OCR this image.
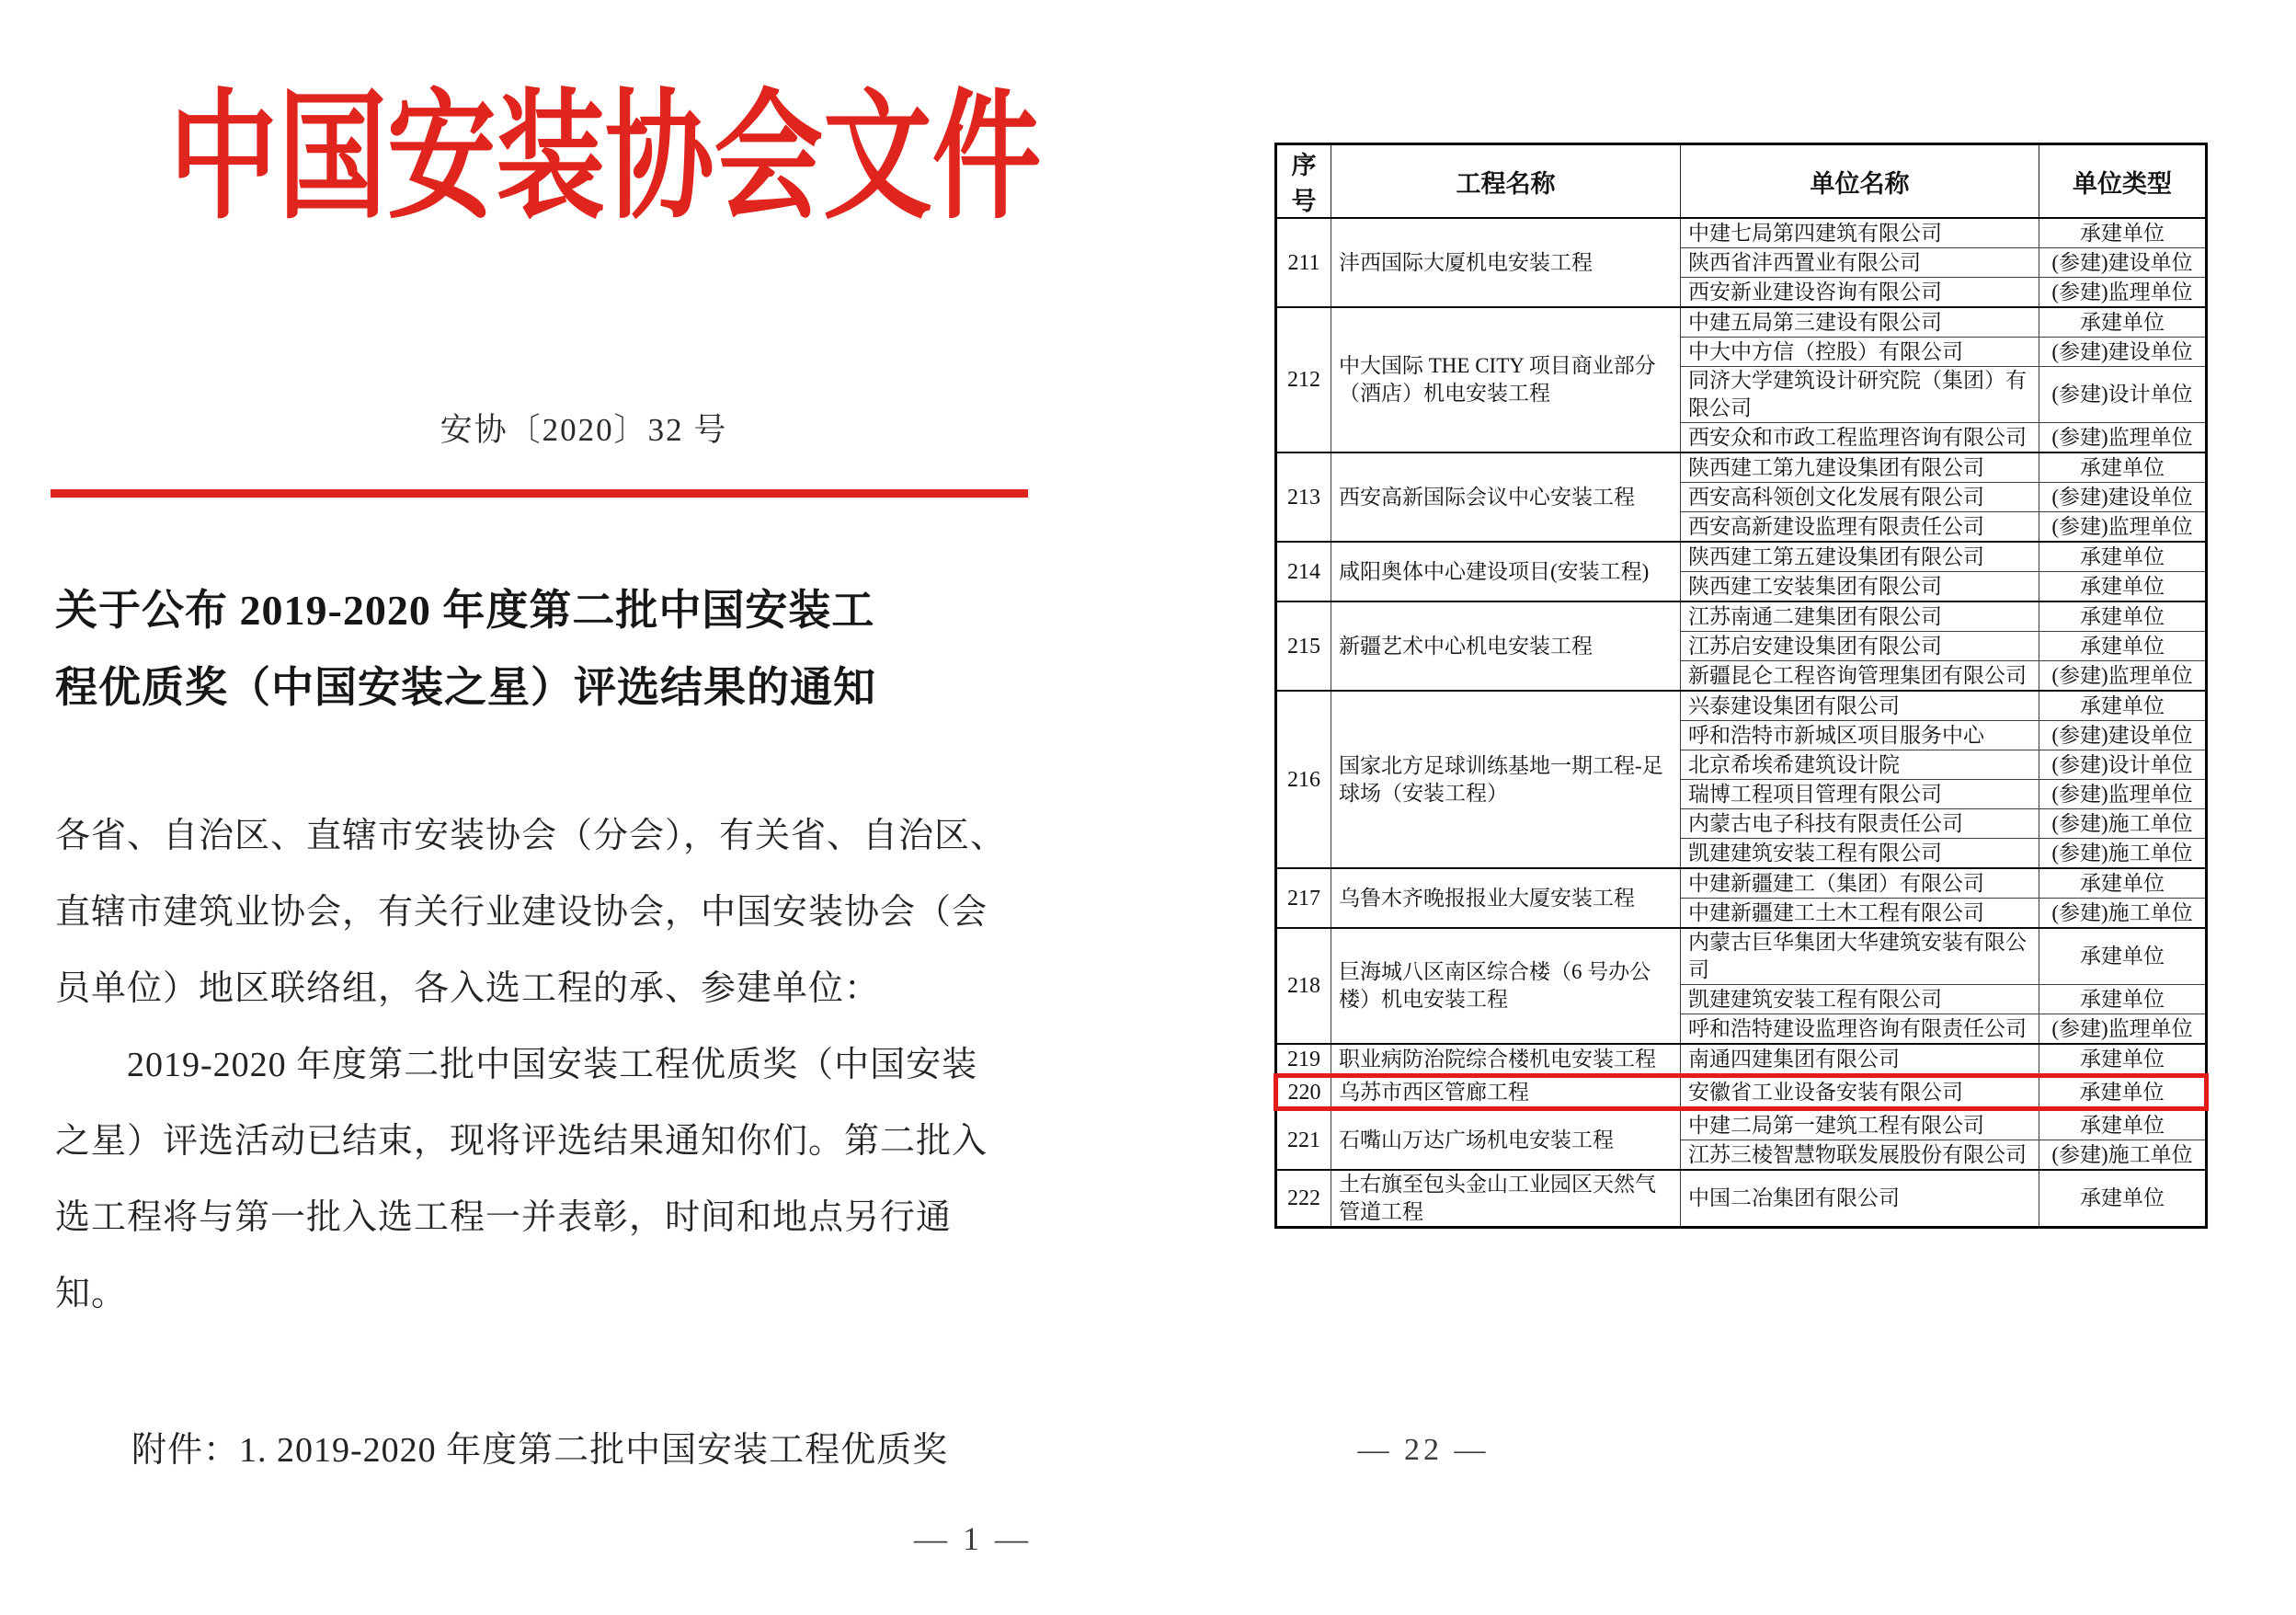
中国安装协会文件
安协〔2020〕32 号
关于公布 2019-2020 年度第二批中国安装工
程优质奖（中国安装之星）评选结果的通知
各省、自治区、直辖市安装协会（分会），有关省、自治区、
直辖市建筑业协会，有关行业建设协会，中国安装协会（会
员单位）地区联络组，各入选工程的承、参建单位：
2019-2020 年度第二批中国安装工程优质奖（中国安装
之星）评选活动已结束，现将评选结果通知你们。第二批入
选工程将与第一批入选工程一并表彰，时间和地点另行通
知。
附件：1. 2019-2020 年度第二批中国安装工程优质奖
— 1 —
序号	工程名称	单位名称	单位类型
211	沣西国际大厦机电安装工程	中建七局第四建筑有限公司	承建单位
		陕西省沣西置业有限公司	(参建)建设单位
		西安新业建设咨询有限公司	(参建)监理单位
212	中大国际 THE CITY 项目商业部分（酒店）机电安装工程	中建五局第三建设有限公司	承建单位
		中大中方信（控股）有限公司	(参建)建设单位
		同济大学建筑设计研究院（集团）有限公司	(参建)设计单位
		西安众和市政工程监理咨询有限公司	(参建)监理单位
213	西安高新国际会议中心安装工程	陕西建工第九建设集团有限公司	承建单位
		西安高科领创文化发展有限公司	(参建)建设单位
		西安高新建设监理有限责任公司	(参建)监理单位
214	咸阳奥体中心建设项目(安装工程)	陕西建工第五建设集团有限公司	承建单位
		陕西建工安装集团有限公司	承建单位
215	新疆艺术中心机电安装工程	江苏南通二建集团有限公司	承建单位
		江苏启安建设集团有限公司	承建单位
		新疆昆仑工程咨询管理集团有限公司	(参建)监理单位
216	国家北方足球训练基地一期工程-足球场（安装工程）	兴泰建设集团有限公司	承建单位
		呼和浩特市新城区项目服务中心	(参建)建设单位
		北京希埃希建筑设计院	(参建)设计单位
		瑞博工程项目管理有限公司	(参建)监理单位
		内蒙古电子科技有限责任公司	(参建)施工单位
		凯建建筑安装工程有限公司	(参建)施工单位
217	乌鲁木齐晚报报业大厦安装工程	中建新疆建工（集团）有限公司	承建单位
		中建新疆建工土木工程有限公司	(参建)施工单位
218	巨海城八区南区综合楼（6 号办公楼）机电安装工程	内蒙古巨华集团大华建筑安装有限公司	承建单位
		凯建建筑安装工程有限公司	承建单位
		呼和浩特建设监理咨询有限责任公司	(参建)监理单位
219	职业病防治院综合楼机电安装工程	南通四建集团有限公司	承建单位
220	乌苏市西区管廊工程	安徽省工业设备安装有限公司	承建单位
221	石嘴山万达广场机电安装工程	中建二局第一建筑工程有限公司	承建单位
		江苏三棱智慧物联发展股份有限公司	(参建)施工单位
222	土右旗至包头金山工业园区天然气管道工程	中国二冶集团有限公司	承建单位
— 22 —
